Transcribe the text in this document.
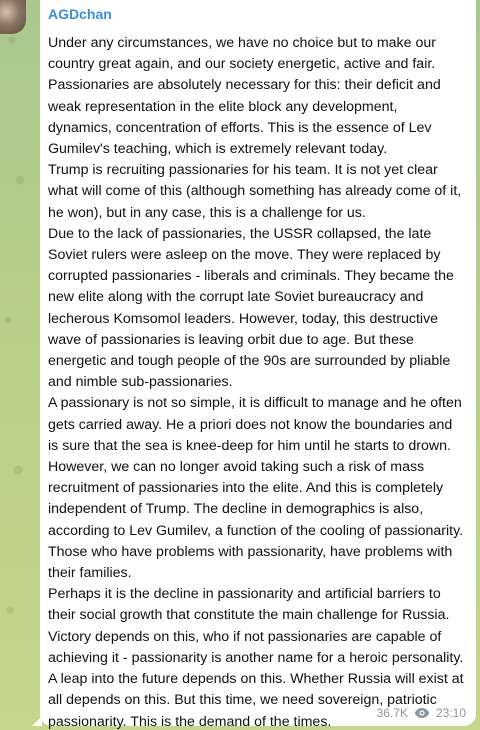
AGDchan

Under any circumstances, we have no choice but to make our country great again, and our society energetic, active and fair. Passionaries are absolutely necessary for this: their deficit and weak representation in the elite block any development, dynamics, concentration of efforts. This is the essence of Lev Gumilev's teaching, which is extremely relevant today.

Trump is recruiting passionaries for his team. It is not yet clear what will come of this (although something has already come of it, he won), but in any case, this is a challenge for us.

Due to the lack of passionaries, the USSR collapsed, the late Soviet rulers were asleep on the move. They were replaced by corrupted passionaries - liberals and criminals. They became the new elite along with the corrupt late Soviet bureaucracy and lecherous Komsomol leaders. However, today, this destructive wave of passionaries is leaving orbit due to age. But these energetic and tough people of the 90s are surrounded by pliable and nimble sub-passionaries.

A passionary is not so simple, it is difficult to manage and he often gets carried away. He a priori does not know the boundaries and is sure that the sea is knee-deep for him until he starts to drown. However, we can no longer avoid taking such a risk of mass recruitment of passionaries into the elite. And this is completely independent of Trump. The decline in demographics is also, according to Lev Gumilev, a function of the cooling of passionarity. Those who have problems with passionarity, have problems with their families.

Perhaps it is the decline in passionarity and artificial barriers to their social growth that constitute the main challenge for Russia. Victory depends on this, who if not passionaries are capable of achieving it - passionarity is another name for a heroic personality. A leap into the future depends on this. Whether Russia will exist at all depends on this. But this time, we need sovereign, patriotic passionarity. This is the demand of the times.

36.7K 23:10
